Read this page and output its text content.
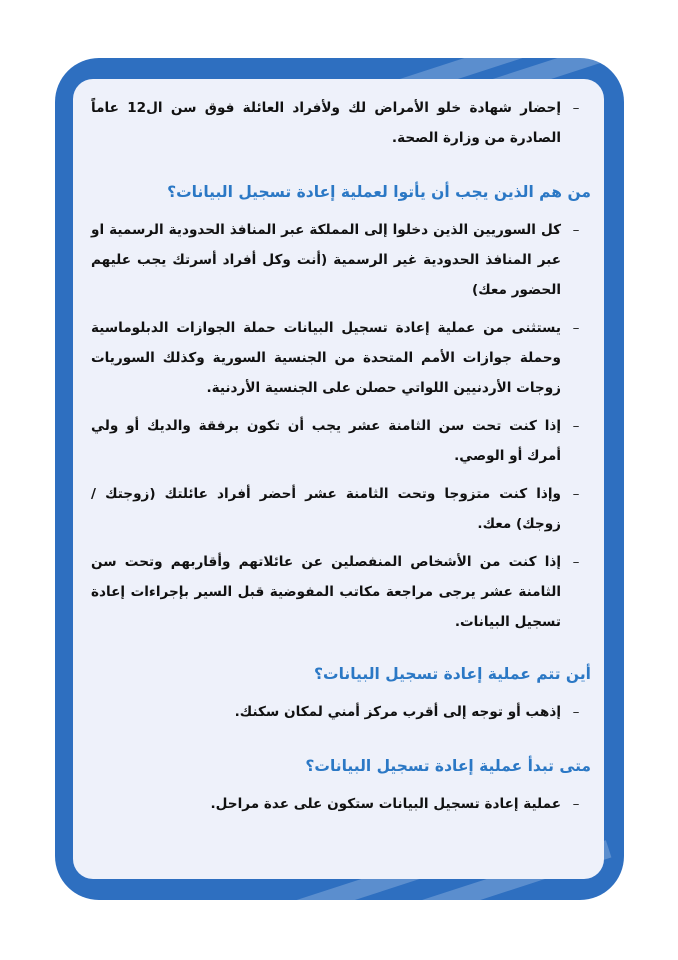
–
إحضار شهادة خلو الأمراض لك ولأفراد العائلة فوق سن ال12 عاماً الصادرة من وزارة الصحة.
من هم الذين يجب أن يأتوا لعملية إعادة تسجيل البيانات؟
–
كل السوريين الذين دخلوا إلى المملكة عبر المنافذ الحدودية الرسمية او عبر المنافذ الحدودية غير الرسمية (أنت وكل أفراد أسرتك يجب عليهم الحضور معك)
–
يستثنى من عملية إعادة تسجيل البيانات حملة الجوازات الدبلوماسية وحملة جوازات الأمم المتحدة من الجنسية السورية وكذلك السوريات زوجات الأردنيين اللواتي حصلن على الجنسية الأردنية.
–
إذا كنت تحت سن الثامنة عشر يجب أن تكون برفقة والديك أو ولي أمرك أو الوصي.
–
وإذا كنت متزوجا وتحت الثامنة عشر أحضر أفراد عائلتك (زوجتك / زوجك) معك.
–
إذا كنت من الأشخاص المنفصلين عن عائلاتهم وأقاربهم وتحت سن الثامنة عشر يرجى مراجعة مكاتب المفوضية قبل السير بإجراءات إعادة تسجيل البيانات.
أين تتم عملية إعادة تسجيل البيانات؟
–
إذهب أو توجه إلى أقرب مركز أمني لمكان سكنك.
متى تبدأ عملية إعادة تسجيل البيانات؟
–
عملية إعادة تسجيل البيانات ستكون على عدة مراحل.
